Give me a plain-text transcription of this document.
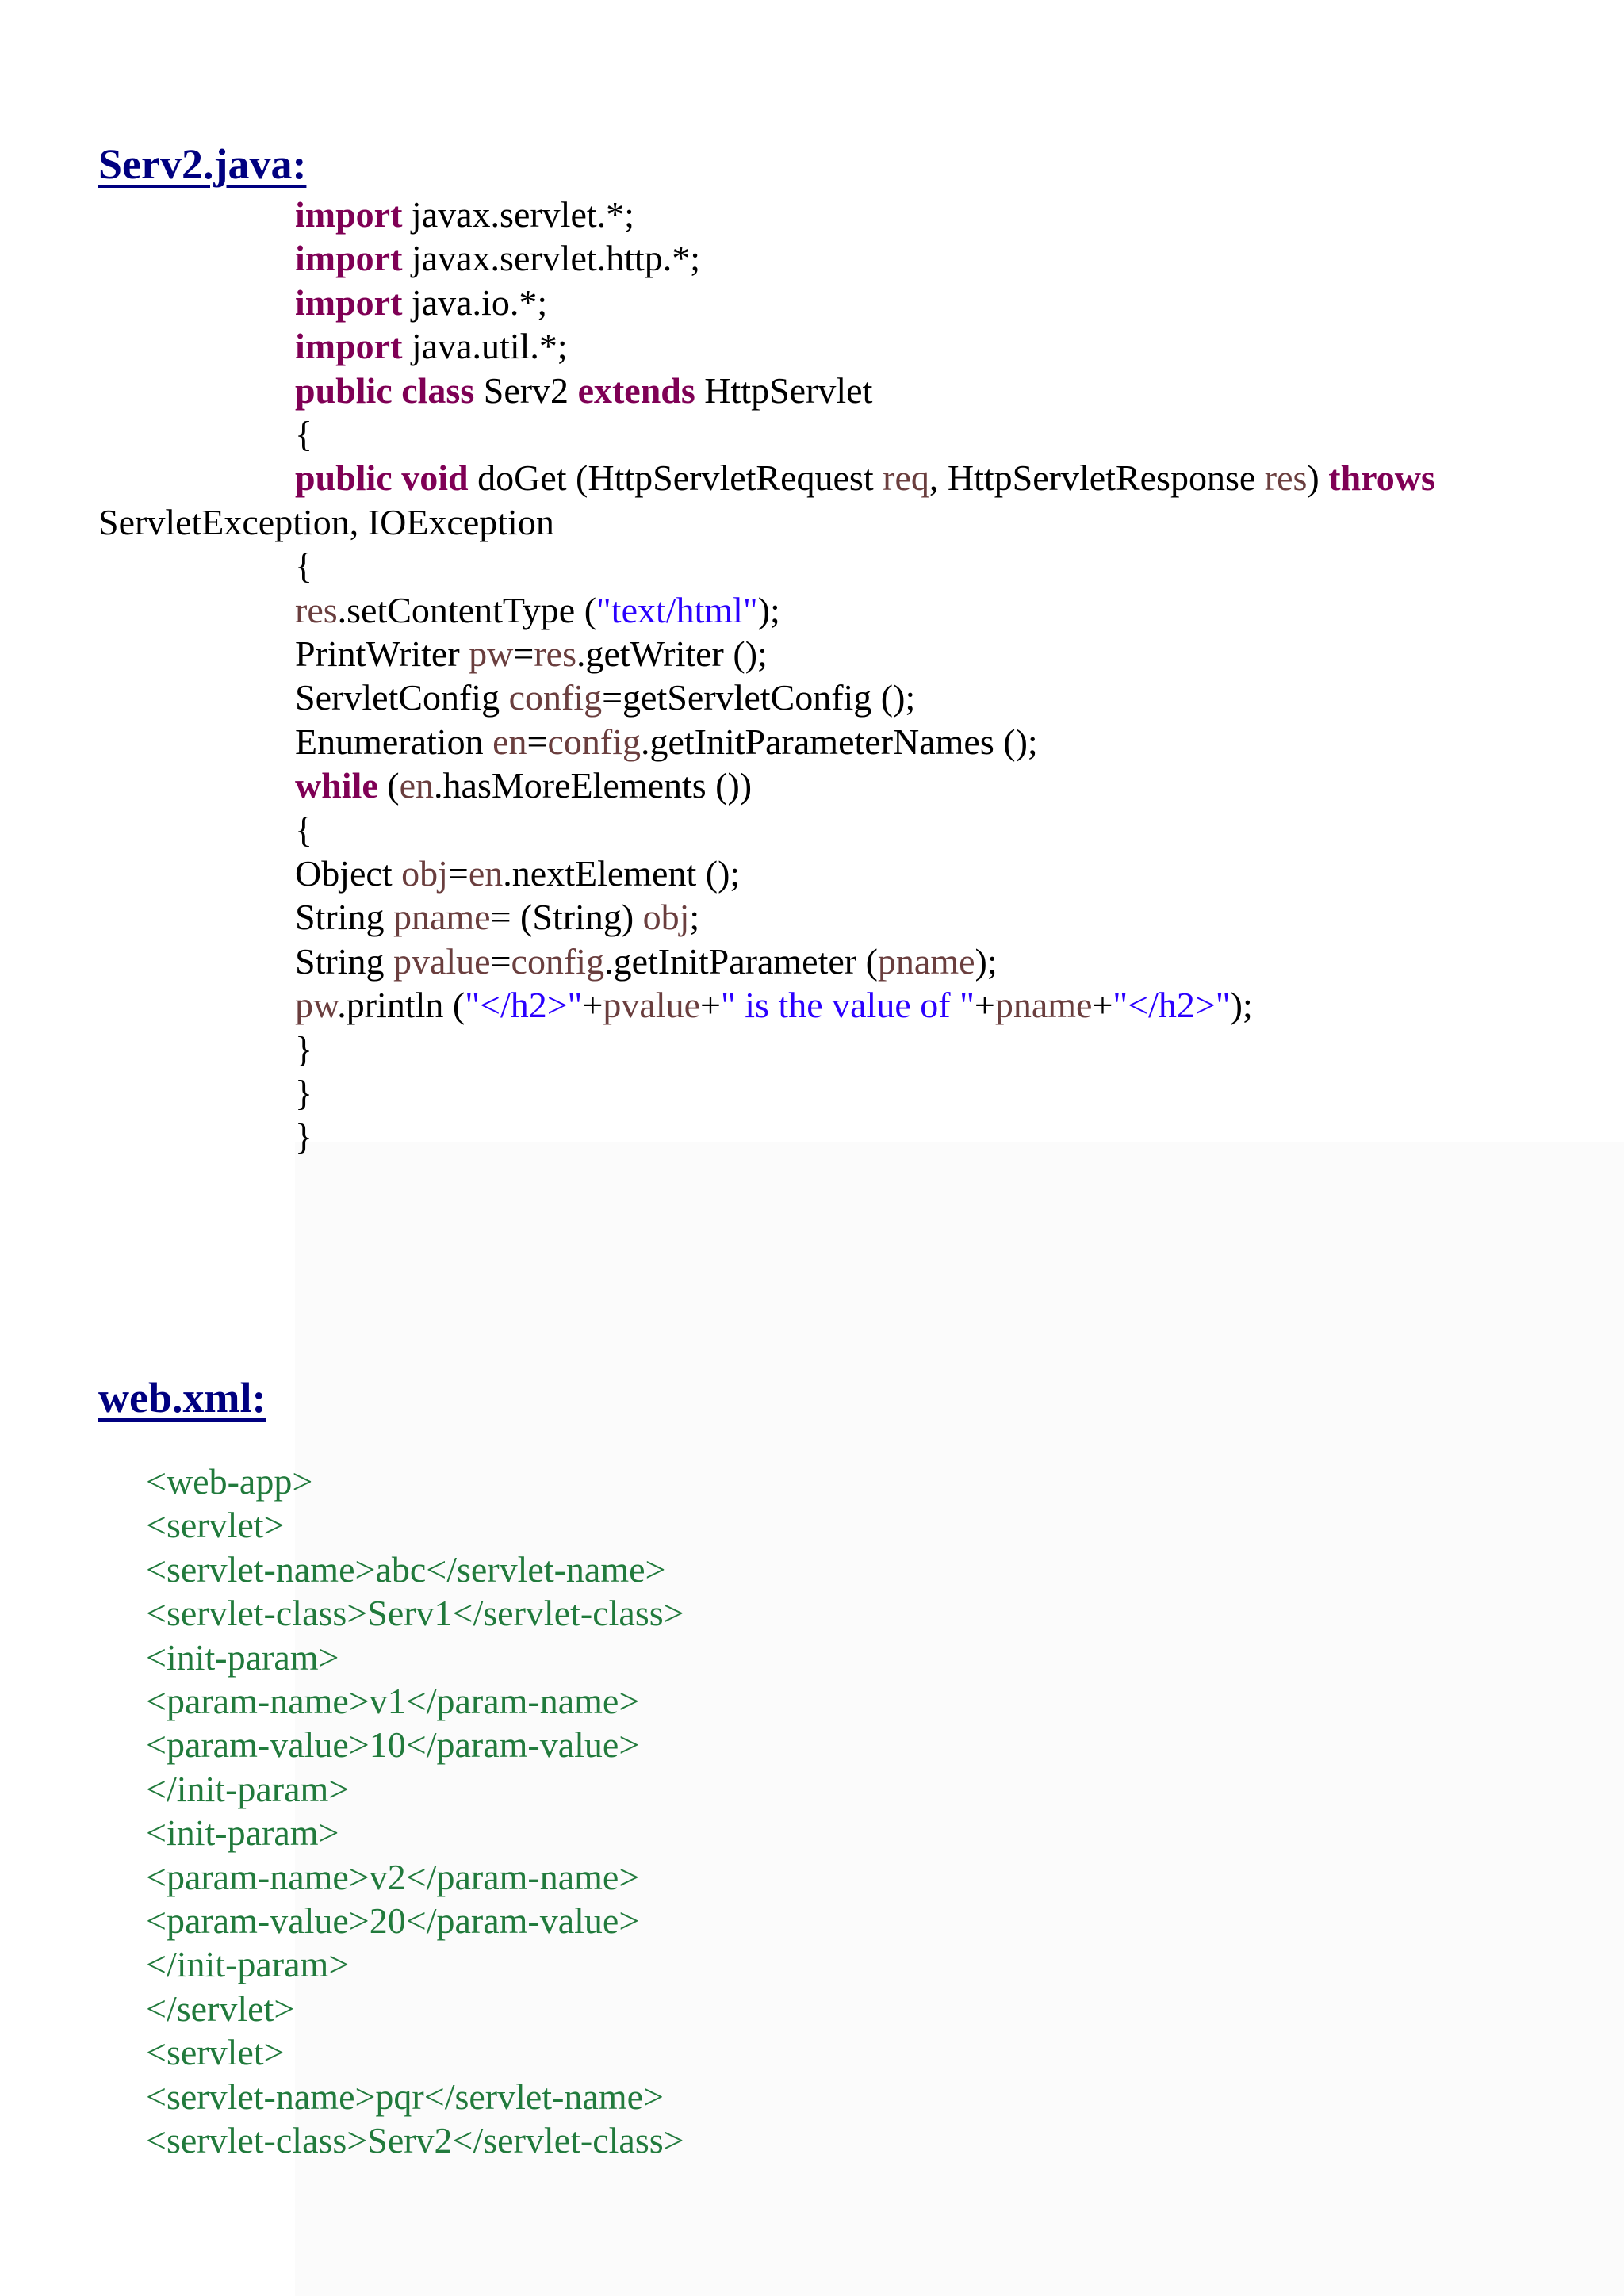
Serv2.java:
import javax.servlet.*;
import javax.servlet.http.*;
import java.io.*;
import java.util.*;
public class Serv2 extends HttpServlet
{
public void doGet (HttpServletRequest req, HttpServletResponse res) throws
ServletException, IOException
{
res.setContentType ("text/html");
PrintWriter pw=res.getWriter ();
ServletConfig config=getServletConfig ();
Enumeration en=config.getInitParameterNames ();
while (en.hasMoreElements ())
{
Object obj=en.nextElement ();
String pname= (String) obj;
String pvalue=config.getInitParameter (pname);
pw.println ("</h2>"+pvalue+" is the value of "+pname+"</h2>");
}
}
}
web.xml:
<web-app>
<servlet>
<servlet-name>abc</servlet-name>
<servlet-class>Serv1</servlet-class>
<init-param>
<param-name>v1</param-name>
<param-value>10</param-value>
</init-param>
<init-param>
<param-name>v2</param-name>
<param-value>20</param-value>
</init-param>
</servlet>
<servlet>
<servlet-name>pqr</servlet-name>
<servlet-class>Serv2</servlet-class>
